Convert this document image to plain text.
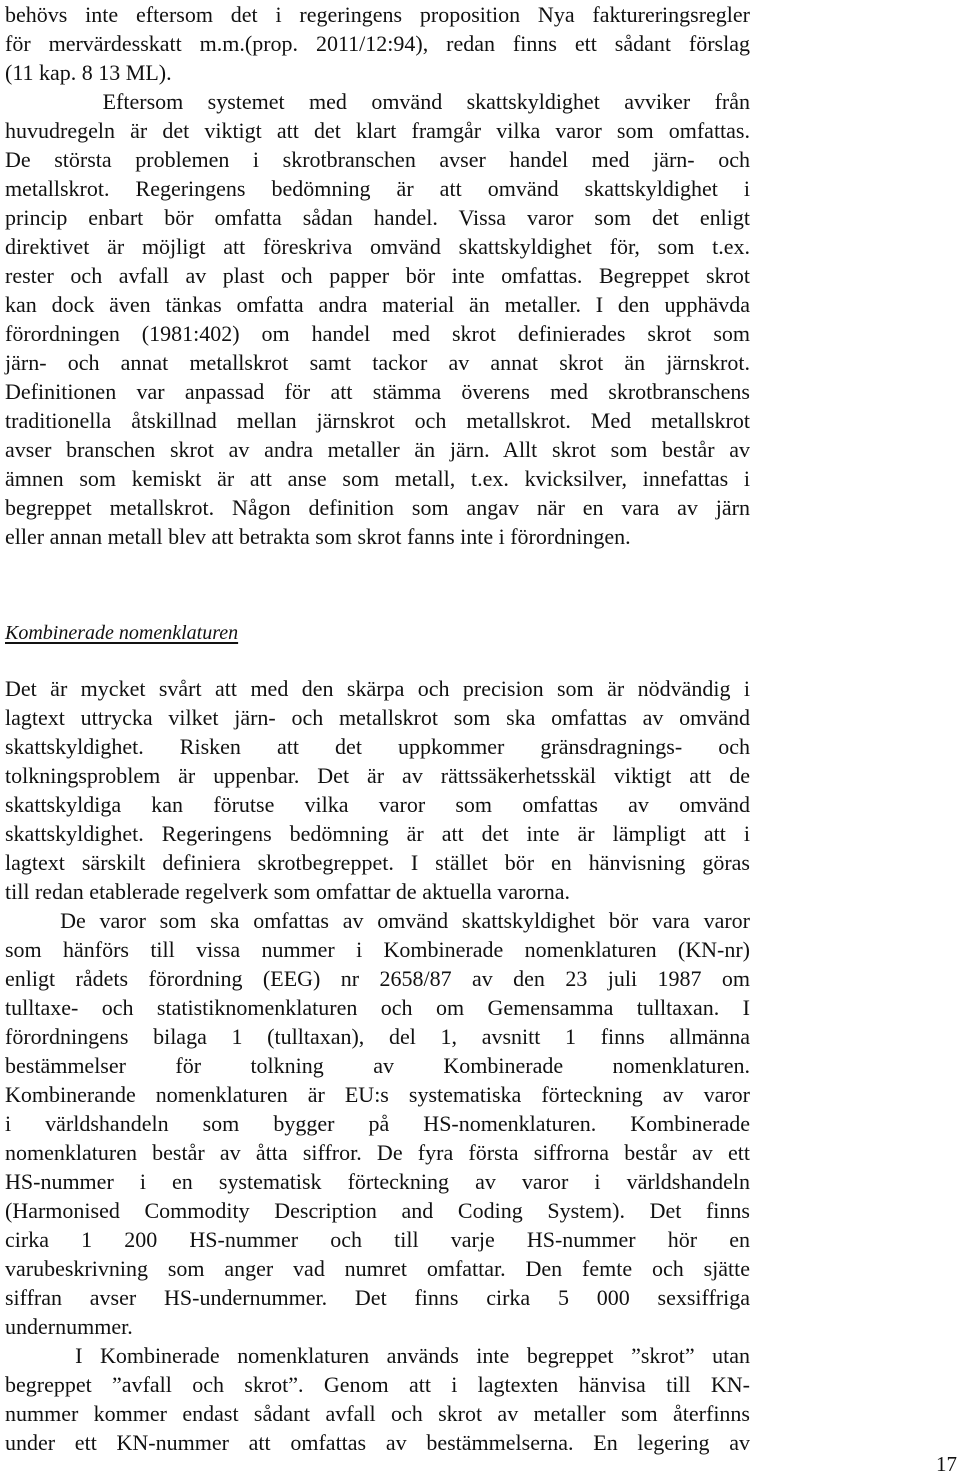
behövs inte eftersom det i regeringens proposition Nya faktureringsregler
för mervärdesskatt m.m.(prop. 2011/12:94), redan finns ett sådant förslag
(11 kap. 8 13 ML).
Eftersom systemet med omvänd skattskyldighet avviker från
huvudregeln är det viktigt att det klart framgår vilka varor som omfattas.
De största problemen i skrotbranschen avser handel med järn- och
metallskrot. Regeringens bedömning är att omvänd skattskyldighet i
princip enbart bör omfatta sådan handel. Vissa varor som det enligt
direktivet är möjligt att föreskriva omvänd skattskyldighet för, som t.ex.
rester och avfall av plast och papper bör inte omfattas. Begreppet skrot
kan dock även tänkas omfatta andra material än metaller. I den upphävda
förordningen (1981:402) om handel med skrot definierades skrot som
järn- och annat metallskrot samt tackor av annat skrot än järnskrot.
Definitionen var anpassad för att stämma överens med skrotbranschens
traditionella åtskillnad mellan järnskrot och metallskrot. Med metallskrot
avser branschen skrot av andra metaller än järn. Allt skrot som består av
ämnen som kemiskt är att anse som metall, t.ex. kvicksilver, innefattas i
begreppet metallskrot. Någon definition som angav när en vara av järn
eller annan metall blev att betrakta som skrot fanns inte i förordningen.
Kombinerade nomenklaturen
Det är mycket svårt att med den skärpa och precision som är nödvändig i
lagtext uttrycka vilket järn- och metallskrot som ska omfattas av omvänd
skattskyldighet. Risken att det uppkommer gränsdragnings- och
tolkningsproblem är uppenbar. Det är av rättssäkerhetsskäl viktigt att de
skattskyldiga kan förutse vilka varor som omfattas av omvänd
skattskyldighet. Regeringens bedömning är att det inte är lämpligt att i
lagtext särskilt definiera skrotbegreppet. I stället bör en hänvisning göras
till redan etablerade regelverk som omfattar de aktuella varorna.
De varor som ska omfattas av omvänd skattskyldighet bör vara varor
som hänförs till vissa nummer i Kombinerade nomenklaturen (KN-nr)
enligt rådets förordning (EEG) nr 2658/87 av den 23 juli 1987 om
tulltaxe- och statistiknomenklaturen och om Gemensamma tulltaxan. I
förordningens bilaga 1 (tulltaxan), del 1, avsnitt 1 finns allmänna
bestämmelser för tolkning av Kombinerade nomenklaturen.
Kombinerande nomenklaturen är EU:s systematiska förteckning av varor
i världshandeln som bygger på HS-nomenklaturen. Kombinerade
nomenklaturen består av åtta siffror. De fyra första siffrorna består av ett
HS-nummer i en systematisk förteckning av varor i världshandeln
(Harmonised Commodity Description and Coding System). Det finns
cirka 1 200 HS-nummer och till varje HS-nummer hör en
varubeskrivning som anger vad numret omfattar. Den femte och sjätte
siffran avser HS-undernummer. Det finns cirka 5 000 sexsiffriga
undernummer.
I Kombinerade nomenklaturen används inte begreppet ”skrot” utan
begreppet ”avfall och skrot”. Genom att i lagtexten hänvisa till KN-
nummer kommer endast sådant avfall och skrot av metaller som återfinns
under ett KN-nummer att omfattas av bestämmelserna. En legering av
17
